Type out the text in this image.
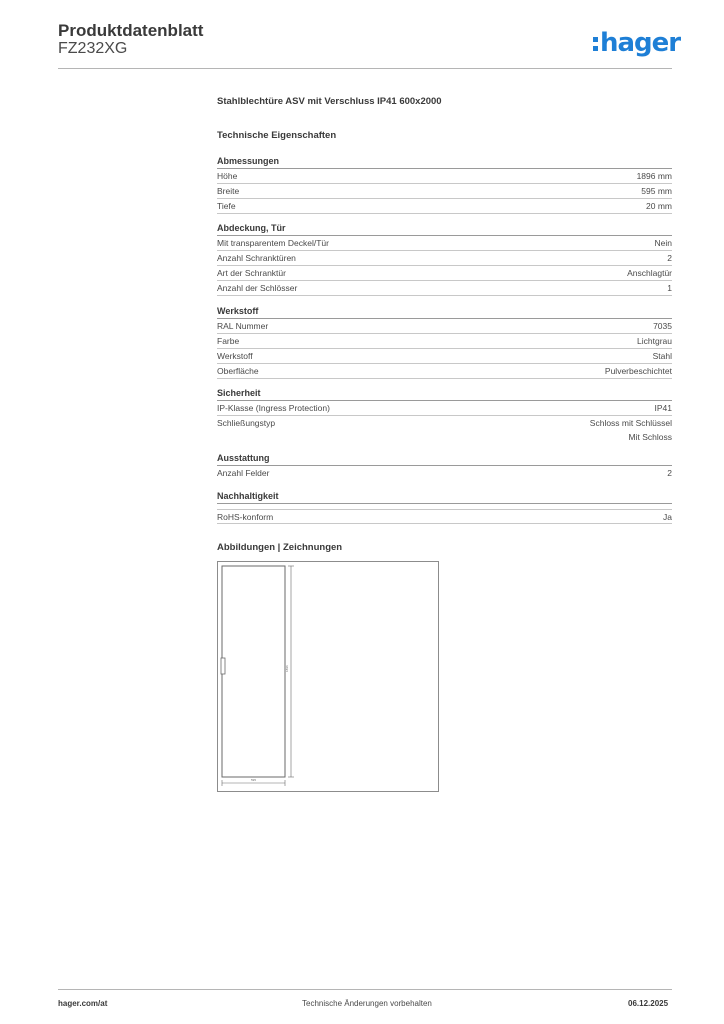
Produktdatenblatt
FZ232XG	hager
Stahlblechtüre ASV mit Verschluss IP41 600x2000
Technische Eigenschaften
Abmessungen
Höhe	1896 mm
Breite	595 mm
Tiefe	20 mm
Abdeckung, Tür
Mit transparentem Deckel/Tür	Nein
Anzahl Schranktüren	2
Art der Schranktür	Anschlagtür
Anzahl der Schlösser	1
Werkstoff
RAL Nummer	7035
Farbe	Lichtgrau
Werkstoff	Stahl
Oberfläche	Pulverbeschichtet
Sicherheit
IP-Klasse (Ingress Protection)	IP41
Schließungstyp	Schloss mit Schlüssel
Mit Schloss
Ausstattung
Anzahl Felder	2
Nachhaltigkeit
RoHS-konform	Ja
Abbildungen | Zeichnungen
1896
595
hager.com/at	Technische Änderungen vorbehalten	06.12.2025
